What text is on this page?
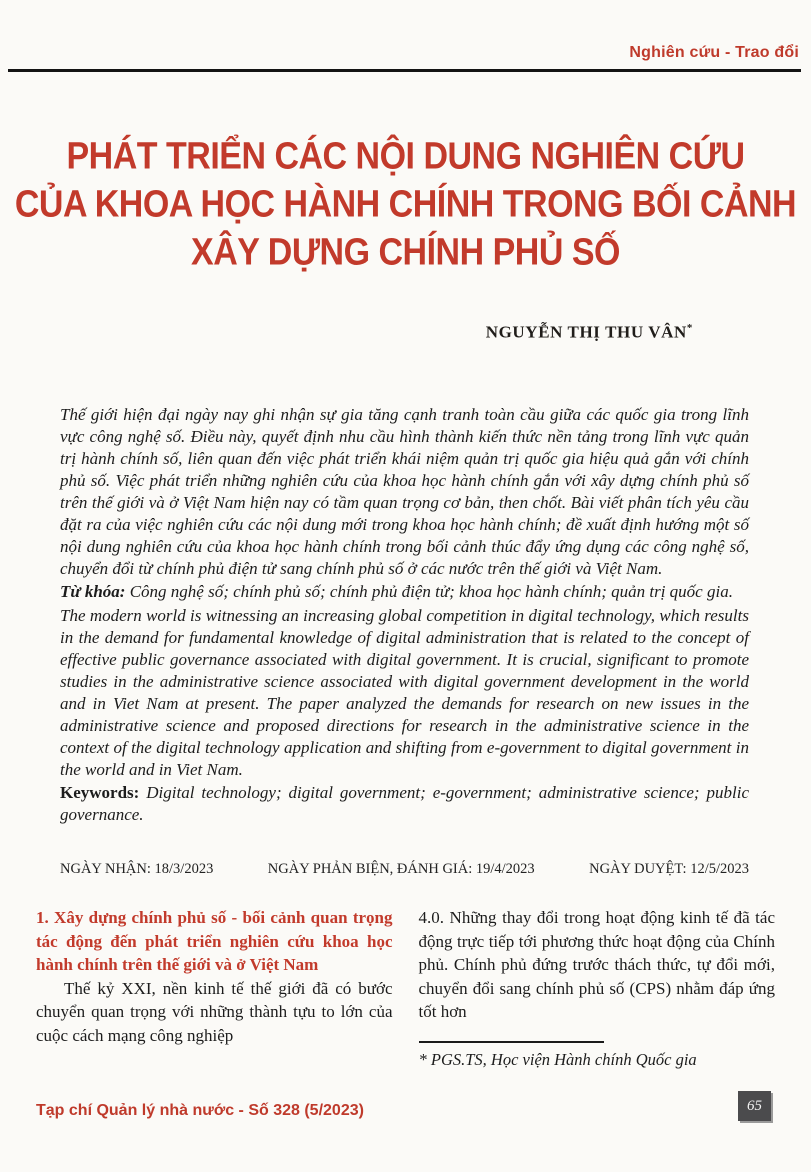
Nghiên cứu - Trao đổi
PHÁT TRIỂN CÁC NỘI DUNG NGHIÊN CỨU
CỦA KHOA HỌC HÀNH CHÍNH TRONG BỐI CẢNH
XÂY DỰNG CHÍNH PHỦ SỐ
NGUYỄN THỊ THU VÂN*

Thế giới hiện đại ngày nay ghi nhận sự gia tăng cạnh tranh toàn cầu giữa các quốc gia trong lĩnh vực công nghệ số. Điều này, quyết định nhu cầu hình thành kiến thức nền tảng trong lĩnh vực quản trị hành chính số, liên quan đến việc phát triển khái niệm quản trị quốc gia hiệu quả gắn với chính phủ số. Việc phát triển những nghiên cứu của khoa học hành chính gắn với xây dựng chính phủ số trên thế giới và ở Việt Nam hiện nay có tầm quan trọng cơ bản, then chốt. Bài viết phân tích yêu cầu đặt ra của việc nghiên cứu các nội dung mới trong khoa học hành chính; đề xuất định hướng một số nội dung nghiên cứu của khoa học hành chính trong bối cảnh thúc đẩy ứng dụng các công nghệ số, chuyển đổi từ chính phủ điện tử sang chính phủ số ở các nước trên thế giới và Việt Nam.

Từ khóa: Công nghệ số; chính phủ số; chính phủ điện tử; khoa học hành chính; quản trị quốc gia.

The modern world is witnessing an increasing global competition in digital technology, which results in the demand for fundamental knowledge of digital administration that is related to the concept of effective public governance associated with digital government. It is crucial, significant to promote studies in the administrative science associated with digital government development in the world and in Viet Nam at present. The paper analyzed the demands for research on new issues in the administrative science and proposed directions for research in the administrative science in the context of the digital technology application and shifting from e-government to digital government in the world and in Viet Nam.

Keywords: Digital technology; digital government; e-government; administrative science; public governance.
NGÀY NHẬN: 18/3/2023	NGÀY PHẢN BIỆN, ĐÁNH GIÁ: 19/4/2023	NGÀY DUYỆT: 12/5/2023
1. Xây dựng chính phủ số - bối cảnh quan trọng tác động đến phát triển nghiên cứu khoa học hành chính trên thế giới và ở Việt Nam

Thế kỷ XXI, nền kinh tế thế giới đã có bước chuyển quan trọng với những thành tựu to lớn của cuộc cách mạng công nghiệp

4.0. Những thay đổi trong hoạt động kinh tế đã tác động trực tiếp tới phương thức hoạt động của Chính phủ. Chính phủ đứng trước thách thức, tự đổi mới, chuyển đổi sang chính phủ số (CPS) nhằm đáp ứng tốt hơn

* PGS.TS, Học viện Hành chính Quốc gia
Tạp chí Quản lý nhà nước - Số 328 (5/2023)	65
